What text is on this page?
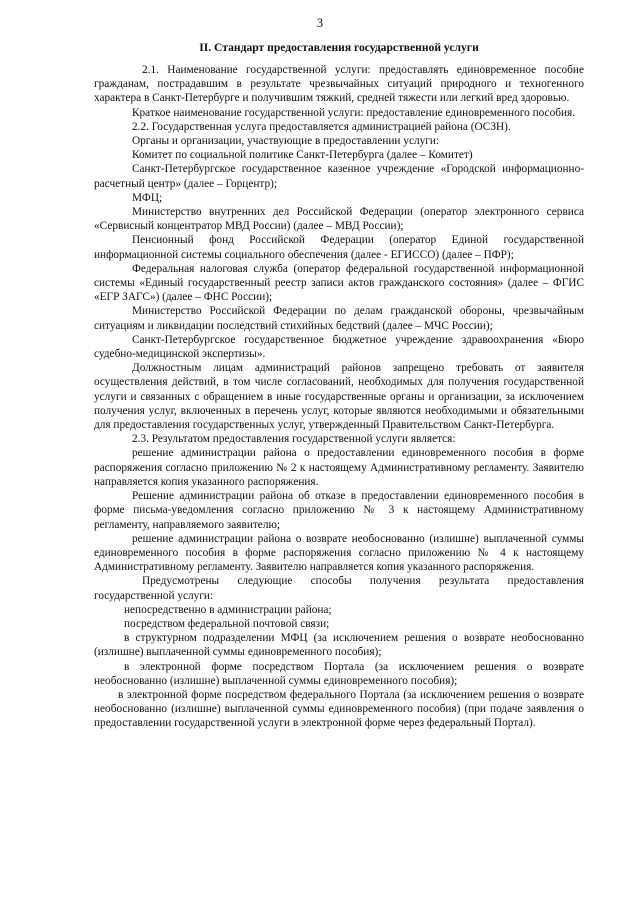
3
II. Стандарт предоставления государственной услуги

2.1. Наименование государственной услуги: предоставлять единовременное пособие гражданам, пострадавшим в результате чрезвычайных ситуаций природного и техногенного характера в Санкт-Петербурге и получившим тяжкий, средней тяжести или легкий вред здоровью.

Краткое наименование государственной услуги: предоставление единовременного пособия.

2.2. Государственная услуга предоставляется администрацией района (ОСЗН).

Органы и организации, участвующие в предоставлении услуги:

Комитет по социальной политике Санкт-Петербурга (далее – Комитет)

Санкт-Петербургское государственное казенное учреждение «Городской информационно-расчетный центр» (далее – Горцентр);

МФЦ;

Министерство внутренних дел Российской Федерации (оператор электронного сервиса «Сервисный концентратор МВД России) (далее – МВД России);

Пенсионный фонд Российской Федерации (оператор Единой государственной информационной системы социального обеспечения (далее - ЕГИССО) (далее – ПФР);

Федеральная налоговая служба (оператор федеральной государственной информационной системы «Единый государственный реестр записи актов гражданского состояния» (далее – ФГИС «ЕГР ЗАГС») (далее – ФНС России);

Министерство Российской Федерации по делам гражданской обороны, чрезвычайным ситуациям и ликвидации последствий стихийных бедствий (далее – МЧС России);

Санкт-Петербургское государственное бюджетное учреждение здравоохранения «Бюро судебно-медицинской экспертизы».

Должностным лицам администраций районов запрещено требовать от заявителя осуществления действий, в том числе согласований, необходимых для получения государственной услуги и связанных с обращением в иные государственные органы и организации, за исключением получения услуг, включенных в перечень услуг, которые являются необходимыми и обязательными для предоставления государственных услуг, утвержденный Правительством Санкт-Петербурга.

2.3. Результатом предоставления государственной услуги является:

решение администрации района о предоставлении единовременного пособия в форме распоряжения согласно приложению № 2 к настоящему Административному регламенту. Заявителю направляется копия указанного распоряжения.

Решение администрации района об отказе в предоставлении единовременного пособия в форме письма-уведомления согласно приложению № 3 к настоящему Административному регламенту, направляемого заявителю;

решение администрации района о возврате необоснованно (излишне) выплаченной суммы единовременного пособия в форме распоряжения согласно приложению № 4 к настоящему Административному регламенту. Заявителю направляется копия указанного распоряжения.

Предусмотрены следующие способы получения результата предоставления государственной услуги:

непосредственно в администрации района;

посредством федеральной почтовой связи;

в структурном подразделении МФЦ (за исключением решения о возврате необоснованно (излишне) выплаченной суммы единовременного пособия);

в электронной форме посредством Портала (за исключением решения о возврате необоснованно (излишне) выплаченной суммы единовременного пособия);

в электронной форме посредством федерального Портала (за исключением решения о возврате необоснованно (излишне) выплаченной суммы единовременного пособия) (при подаче заявления о предоставлении государственной услуги в электронной форме через федеральный Портал).
